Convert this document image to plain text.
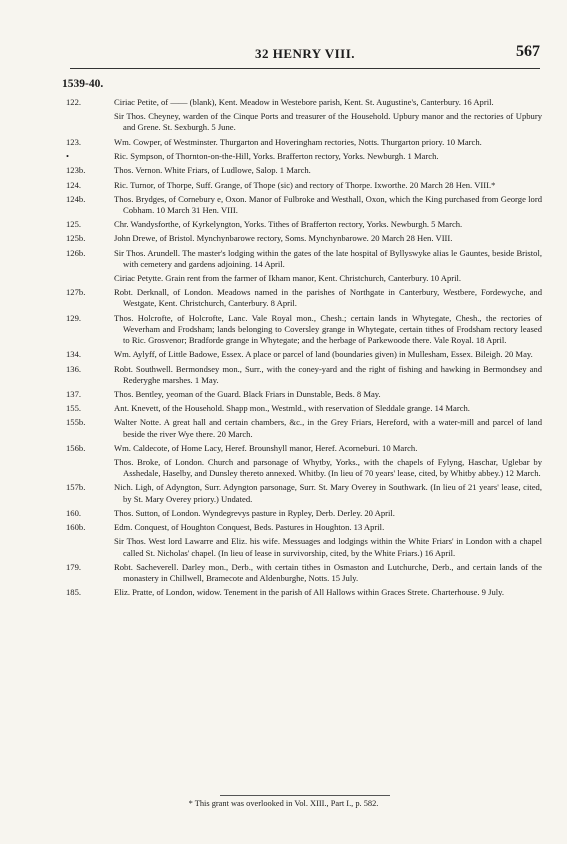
32 HENRY VIII.	567
1539-40.
122.	Ciriac Petite, of —— (blank), Kent. Meadow in Westebore parish, Kent. St. Augustine's, Canterbury. 16 April.
Sir Thos. Cheyney, warden of the Cinque Ports and treasurer of the Household. Upbury manor and the rectories of Upbury and Grene. St. Sexburgh. 5 June.
123.	Wm. Cowper, of Westminster. Thurgarton and Hoveringham rectories, Notts. Thurgarton priory. 10 March.
•	Ric. Sympson, of Thornton-on-the-Hill, Yorks. Brafferton rectory, Yorks. Newburgh. 1 March.
123b.	Thos. Vernon. White Friars, of Ludlowe, Salop. 1 March.
124.	Ric. Turnor, of Thorpe, Suff. Grange, of Thope (sic) and rectory of Thorpe. Ixworthe. 20 March 28 Hen. VIII.*
124b.	Thos. Brydges, of Cornebury e, Oxon. Manor of Fulbroke and Westhall, Oxon, which the King purchased from George lord Cobham. 10 March 31 Hen. VIII.
125.	Chr. Wandysforthe, of Kyrkelyngton, Yorks. Tithes of Brafferton rectory, Yorks. Newburgh. 5 March.
125b.	John Drewe, of Bristol. Mynchynbarowe rectory, Soms. Mynchynbarowe. 20 March 28 Hen. VIII.
126b.	Sir Thos. Arundell. The master's lodging within the gates of the late hospital of Byllyswyke alias le Gauntes, beside Bristol, with cemetery and gardens adjoining. 14 April.
Ciriac Petytte. Grain rent from the farmer of Ikham manor, Kent. Christchurch, Canterbury. 10 April.
127b.	Robt. Derknall, of London. Meadows named in the parishes of Northgate in Canterbury, Westbere, Fordewyche, and Westgate, Kent. Christchurch, Canterbury. 8 April.
129.	Thos. Holcrofte, of Holcrofte, Lanc. Vale Royal mon., Chesh.; certain lands in Whytegate, Chesh., the rectories of Weverham and Frodsham; lands belonging to Coversley grange in Whytegate, certain tithes of Frodsham rectory leased to Ric. Grosvenor; Bradforde grange in Whytegate; and the herbage of Parkewoode there. Vale Royal. 18 April.
134.	Wm. Aylyff, of Little Badowe, Essex. A place or parcel of land (boundaries given) in Mullesham, Essex. Bileigh. 20 May.
136.	Robt. Southwell. Bermondsey mon., Surr., with the coney-yard and the right of fishing and hawking in Bermondsey and Rederyghe marshes. 1 May.
137.	Thos. Bentley, yeoman of the Guard. Black Friars in Dunstable, Beds. 8 May.
155.	Ant. Knevett, of the Household. Shapp mon., Westmld., with reservation of Sleddale grange. 14 March.
155b.	Walter Notte. A great hall and certain chambers, &c., in the Grey Friars, Hereford, with a water-mill and parcel of land beside the river Wye there. 20 March.
156b.	Wm. Caldecote, of Home Lacy, Heref. Brounshyll manor, Heref. Acorneburi. 10 March.
Thos. Broke, of London. Church and parsonage of Whytby, Yorks., with the chapels of Fylyng, Haschar, Uglebar by Asshedale, Haselby, and Dunsley thereto annexed. Whitby. (In lieu of 70 years' lease, cited, by Whitby abbey.) 12 March.
157b.	Nich. Ligh, of Adyngton, Surr. Adyngton parsonage, Surr. St. Mary Overey in Southwark. (In lieu of 21 years' lease, cited, by St. Mary Overey priory.) Undated.
160.	Thos. Sutton, of London. Wyndegrevys pasture in Rypley, Derb. Derley. 20 April.
160b.	Edm. Conquest, of Houghton Conquest, Beds. Pastures in Houghton. 13 April.
Sir Thos. West lord Lawarre and Eliz. his wife. Messuages and lodgings within the White Friars' in London with a chapel called St. Nicholas' chapel. (In lieu of lease in survivorship, cited, by the White Friars.) 16 April.
179.	Robt. Sacheverell. Darley mon., Derb., with certain tithes in Osmaston and Lutchurche, Derb., and certain lands of the monastery in Chillwell, Bramecote and Aldenburghe, Notts. 15 July.
185.	Eliz. Pratte, of London, widow. Tenement in the parish of All Hallows within Graces Strete. Charterhouse. 9 July.
* This grant was overlooked in Vol. XIII., Part I., p. 582.
